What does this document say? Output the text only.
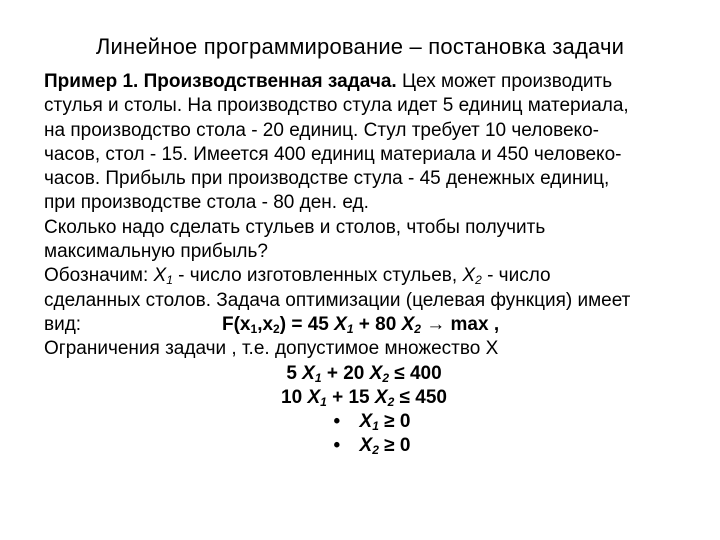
Линейное программирование – постановка задачи
Пример 1. Производственная задача. Цех может производить
стулья и столы. На производство стула идет 5 единиц материала,
на производство стола - 20 единиц. Стул требует 10 человеко-
часов, стол - 15. Имеется 400 единиц материала и 450 человеко-
часов. Прибыль при производстве стула - 45 денежных единиц,
при производстве стола - 80 ден. ед.
Сколько надо сделать стульев и столов, чтобы получить
максимальную прибыль?
Обозначим: $X_1$ - число изготовленных стульев, $X_2$ - число
сделанных столов. Задача оптимизации (целевая функция) имеет
вид:	$F(x_1,x_2) = 45$ $X_1 + 80$ $X_2 \to \max$ ,
Ограничения задачи , т.е. допустимое множество X
5 $X_1 + 20$ $X_2 \le 400$
10 $X_1 + 15$ $X_2 \le 450$
• $X_1 \ge 0$
• $X_2 \ge 0$
